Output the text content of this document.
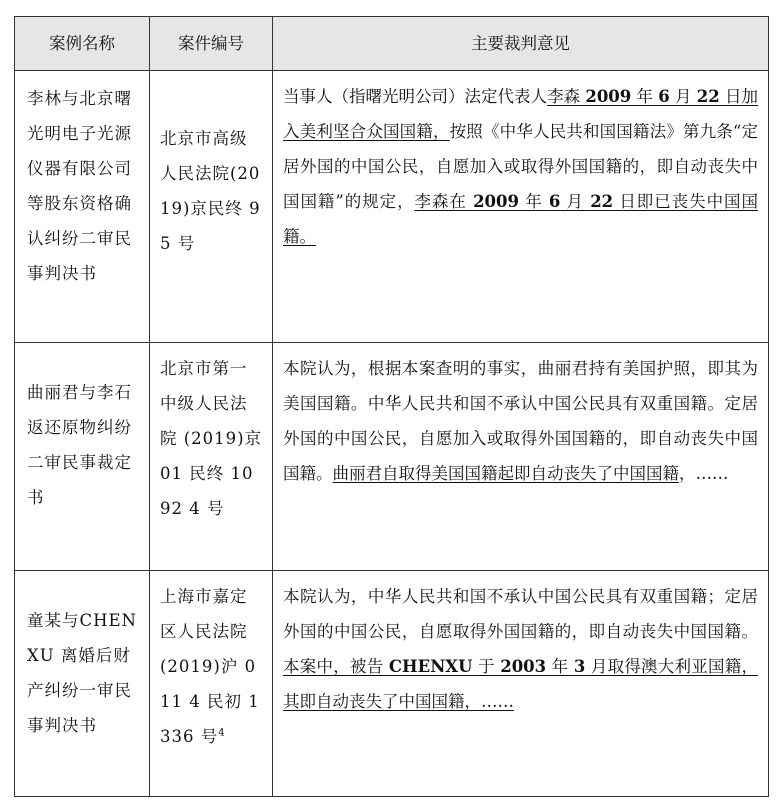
案例名称	案件编号	主要裁判意见
李林与北京曙光明电子光源仪器有限公司等股东资格确认纠纷二审民事判决书	北京市高级人民法院(2019)京民终 95 号	当事人（指曙光明公司）法定代表人李森 2009 年 6 月 22 日加入美利坚合众国国籍，按照《中华人民共和国国籍法》第九条“定居外国的中国公民，自愿加入或取得外国国籍的，即自动丧失中国国籍”的规定，李森在 2009 年 6 月 22 日即已丧失中国国籍。
曲丽君与李石返还原物纠纷二审民事裁定书	北京市第一中级人民法院 (2019)京 01 民终 1092 4 号	本院认为，根据本案查明的事实，曲丽君持有美国护照，即其为美国国籍。中华人民共和国不承认中国公民具有双重国籍。定居外国的中国公民，自愿加入或取得外国国籍的，即自动丧失中国国籍。曲丽君自取得美国国籍起即自动丧失了中国国籍，……
童某与CHEN XU 离婚后财产纠纷一审民事判决书	上海市嘉定区人民法院(2019)沪 011 4 民初 1336 号$^4$	本院认为，中华人民共和国不承认中国公民具有双重国籍；定居外国的中国公民，自愿取得外国国籍的，即自动丧失中国国籍。本案中，被告 CHENXU 于 2003 年 3 月取得澳大利亚国籍，其即自动丧失了中国国籍，……
